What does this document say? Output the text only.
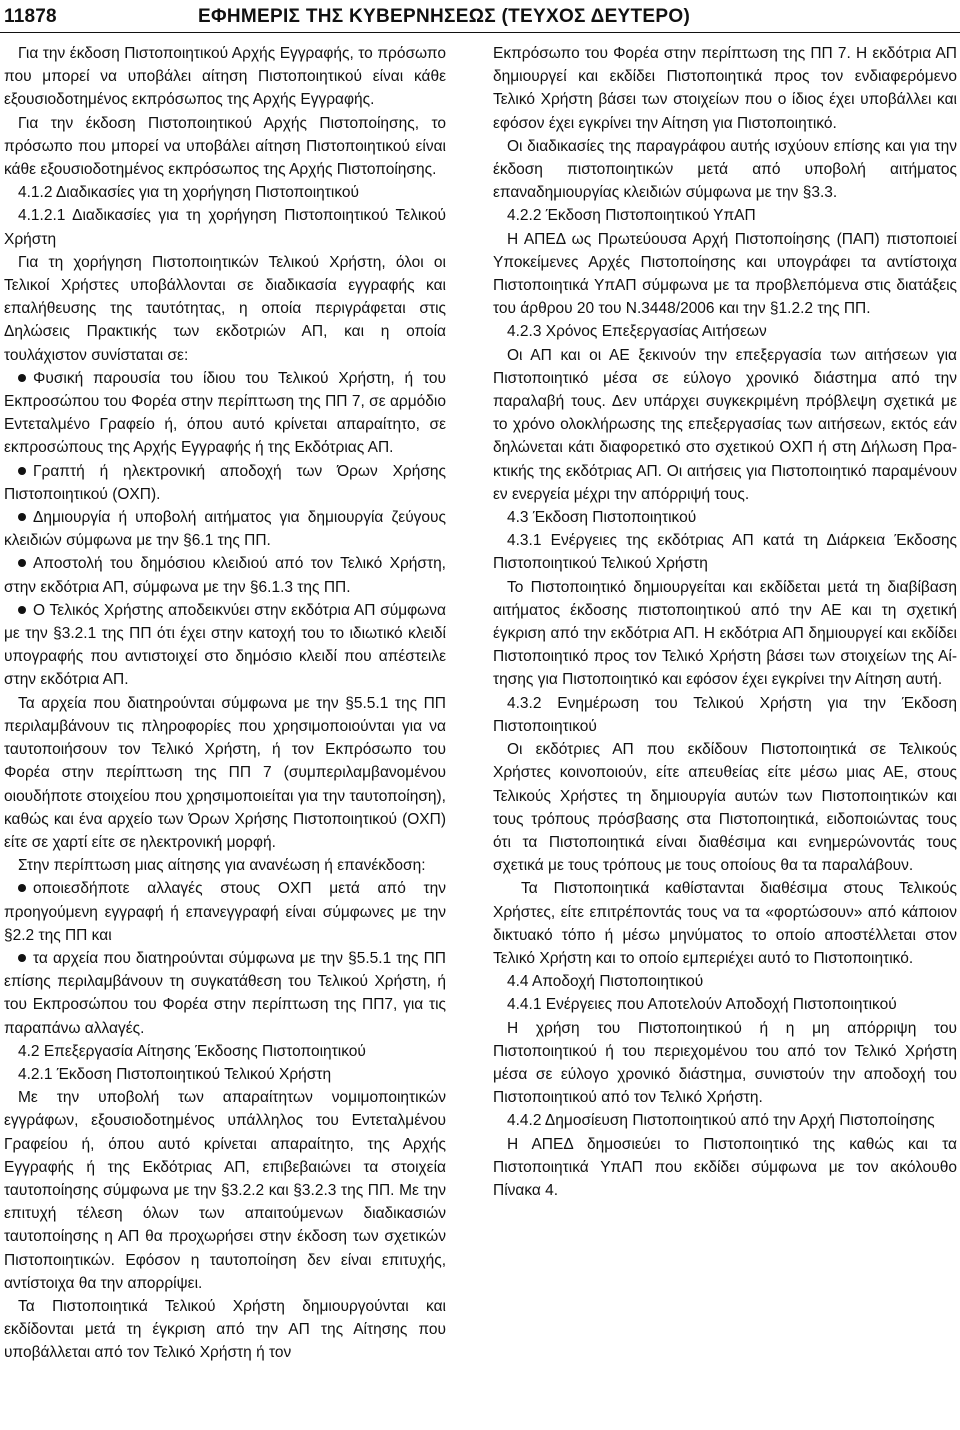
11878	ΕΦΗΜΕΡΙΣ ΤΗΣ ΚΥΒΕΡΝΗΣΕΩΣ (ΤΕΥΧΟΣ ΔΕΥΤΕΡΟ)

Για την έκδοση Πιστοποιητικού Αρχής Εγγραφής, το πρόσωπο που μπορεί να υποβάλει αίτηση Πιστοποιητικού είναι κάθε εξουσιοδοτημένος εκπρόσωπος της Αρχής Εγγραφής.

Για την έκδοση Πιστοποιητικού Αρχής Πιστοποίησης, το πρόσωπο που μπορεί να υποβάλει αίτηση Πιστοποιητικού είναι κάθε εξουσιοδοτημένος εκπρόσωπος της Αρχής Πιστοποίησης.

4.1.2 Διαδικασίες για τη χορήγηση Πιστοποιητικού

4.1.2.1 Διαδικασίες για τη χορήγηση Πιστοποιητικού Τελικού Χρήστη

Για τη χορήγηση Πιστοποιητικών Τελικού Χρήστη, όλοι οι Τελικοί Χρήστες υποβάλλονται σε διαδικασία εγγραφής και επαλήθευσης της ταυτότητας, η οποία περιγράφεται στις Δηλώσεις Πρακτικής των εκδοτριών ΑΠ, και η οποία τουλάχιστον συνίσταται σε:

Φυσική παρουσία του ίδιου του Τελικού Χρήστη, ή του Εκπροσώπου του Φορέα στην περίπτωση της ΠΠ 7, σε αρμόδιο Εντεταλμένο Γραφείο ή, όπου αυτό κρίνεται απαραίτητο, σε εκπροσώπους της Αρχής Εγγραφής ή της Εκδότριας ΑΠ.

Γραπτή ή ηλεκτρονική αποδοχή των Όρων Χρήσης Πιστοποιητικού (ΟΧΠ).

Δημιουργία ή υποβολή αιτήματος για δημιουργία ζεύγους κλειδιών σύμφωνα με την §6.1 της ΠΠ.

Αποστολή του δημόσιου κλειδιού από τον Τελικό Χρήστη, στην εκδότρια ΑΠ, σύμφωνα με την §6.1.3 της ΠΠ.

Ο Τελικός Χρήστης αποδεικνύει στην εκδότρια ΑΠ σύμφωνα με την §3.2.1 της ΠΠ ότι έχει στην κατοχή του το ιδιωτικό κλειδί υπογραφής που αντιστοιχεί στο δημόσιο κλειδί που απέστειλε στην εκδότρια ΑΠ.

Τα αρχεία που διατηρούνται σύμφωνα με την §5.5.1 της ΠΠ περιλαμβάνουν τις πληροφορίες που χρησιμοποιούνται για να ταυτοποιήσουν τον Τελικό Χρήστη, ή τον Εκπρόσωπο του Φορέα στην περίπτωση της ΠΠ 7 (συμπεριλαμβανομένου οιουδήποτε στοιχείου που χρησιμοποιείται για την ταυτοποίηση), καθώς και ένα αρχείο των Όρων Χρήσης Πιστοποιητικού (ΟΧΠ) είτε σε χαρτί είτε σε ηλεκτρονική μορφή.

Στην περίπτωση μιας αίτησης για ανανέωση ή επανέκδοση:

οποιεσδήποτε αλλαγές στους ΟΧΠ μετά από την προηγούμενη εγγραφή ή επανεγγραφή είναι σύμφωνες με την §2.2 της ΠΠ και

τα αρχεία που διατηρούνται σύμφωνα με την §5.5.1 της ΠΠ επίσης περιλαμβάνουν τη συγκατάθεση του Τελικού Χρήστη, ή του Εκπροσώπου του Φορέα στην περίπτωση της ΠΠ7, για τις παραπάνω αλλαγές.

4.2 Επεξεργασία Αίτησης Έκδοσης Πιστοποιητικού

4.2.1 Έκδοση Πιστοποιητικού Τελικού Χρήστη

Με την υποβολή των απαραίτητων νομιμοποιητικών εγγράφων, εξουσιοδοτημένος υπάλληλος του Εντεταλμένου Γραφείου ή, όπου αυτό κρίνεται απαραίτητο, της Αρχής Εγγραφής ή της Εκδότριας ΑΠ, επιβεβαιώνει τα στοιχεία ταυτοποίησης σύμφωνα με την §3.2.2 και §3.2.3 της ΠΠ. Με την επιτυχή τέλεση όλων των απαιτούμενων διαδικασιών ταυτοποίησης η ΑΠ θα προχωρήσει στην έκδοση των σχετικών Πιστοποιητικών. Εφόσον η ταυτοποίηση δεν είναι επιτυχής, αντίστοιχα θα την απορρίψει.

Τα Πιστοποιητικά Τελικού Χρήστη δημιουργούνται και εκδίδονται μετά τη έγκριση από την ΑΠ της Αίτησης που υποβάλλεται από τον Τελικό Χρήστη ή τον

Εκπρόσωπο του Φορέα στην περίπτωση της ΠΠ 7. Η εκδότρια ΑΠ δημιουργεί και εκδίδει Πιστοποιητικά προς τον ενδιαφερόμενο Τελικό Χρήστη βάσει των στοιχείων που ο ίδιος έχει υποβάλλει και εφόσον έχει εγκρίνει την Αίτηση για Πιστοποιητικό.

Οι διαδικασίες της παραγράφου αυτής ισχύουν επίσης και για την έκδοση πιστοποιητικών μετά από υποβολή αιτήματος επαναδημιουργίας κλειδιών σύμφωνα με την §3.3.

4.2.2 Έκδοση Πιστοποιητικού ΥπΑΠ

Η ΑΠΕΔ ως Πρωτεύουσα Αρχή Πιστοποίησης (ΠΑΠ) πιστοποιεί Υποκείμενες Αρχές Πιστοποίησης και υπογράφει τα αντίστοιχα Πιστοποιητικά ΥπΑΠ σύμφωνα με τα προβλεπόμενα στις διατάξεις του άρθρου 20 του Ν.3448/2006 και την §1.2.2 της ΠΠ.

4.2.3 Χρόνος Επεξεργασίας Αιτήσεων

Οι ΑΠ και οι ΑΕ ξεκινούν την επεξεργασία των αιτήσεων για Πιστοποιητικό μέσα σε εύλογο χρονικό διάστημα από την παραλαβή τους. Δεν υπάρχει συγκεκριμένη πρόβλεψη σχετικά με το χρόνο ολοκλήρωσης της επεξεργασίας των αιτήσεων, εκτός εάν δηλώνεται κάτι διαφορετικό στο σχετικού ΟΧΠ ή στη Δήλωση Πρακτικής της εκδότριας ΑΠ. Οι αιτήσεις για Πιστοποιητικό παραμένουν εν ενεργεία μέχρι την απόρριψή τους.

4.3 Έκδοση Πιστοποιητικού

4.3.1 Ενέργειες της εκδότριας ΑΠ κατά τη Διάρκεια Έκδοσης Πιστοποιητικού Τελικού Χρήστη

Το Πιστοποιητικό δημιουργείται και εκδίδεται μετά τη διαβίβαση αιτήματος έκδοσης πιστοποιητικού από την ΑΕ και τη σχετική έγκριση από την εκδότρια ΑΠ. Η εκδότρια ΑΠ δημιουργεί και εκδίδει Πιστοποιητικό προς τον Τελικό Χρήστη βάσει των στοιχείων της Αίτησης για Πιστοποιητικό και εφόσον έχει εγκρίνει την Αίτηση αυτή.

4.3.2 Ενημέρωση του Τελικού Χρήστη για την Έκδοση Πιστοποιητικού

Οι εκδότριες ΑΠ που εκδίδουν Πιστοποιητικά σε Τελικούς Χρήστες κοινοποιούν, είτε απευθείας είτε μέσω μιας ΑΕ, στους Τελικούς Χρήστες τη δημιουργία αυτών των Πιστοποιητικών και τους τρόπους πρόσβασης στα Πιστοποιητικά, ειδοποιώντας τους ότι τα Πιστοποιητικά είναι διαθέσιμα και ενημερώνοντάς τους σχετικά με τους τρόπους με τους οποίους θα τα παραλάβουν.

Τα Πιστοποιητικά καθίστανται διαθέσιμα στους Τελικούς Χρήστες, είτε επιτρέποντάς τους να τα «φορτώσουν» από κάποιον δικτυακό τόπο ή μέσω μηνύματος το οποίο αποστέλλεται στον Τελικό Χρήστη και το οποίο εμπεριέχει αυτό το Πιστοποιητικό.

4.4 Αποδοχή Πιστοποιητικού

4.4.1 Ενέργειες που Αποτελούν Αποδοχή Πιστοποιητικού

Η χρήση του Πιστοποιητικού ή η μη απόρριψη του Πιστοποιητικού ή του περιεχομένου του από τον Τελικό Χρήστη μέσα σε εύλογο χρονικό διάστημα, συνιστούν την αποδοχή του Πιστοποιητικού από τον Τελικό Χρήστη.

4.4.2 Δημοσίευση Πιστοποιητικού από την Αρχή Πιστοποίησης

Η ΑΠΕΔ δημοσιεύει το Πιστοποιητικό της καθώς και τα Πιστοποιητικά ΥπΑΠ που εκδίδει σύμφωνα με τον ακόλουθο Πίνακα 4.
